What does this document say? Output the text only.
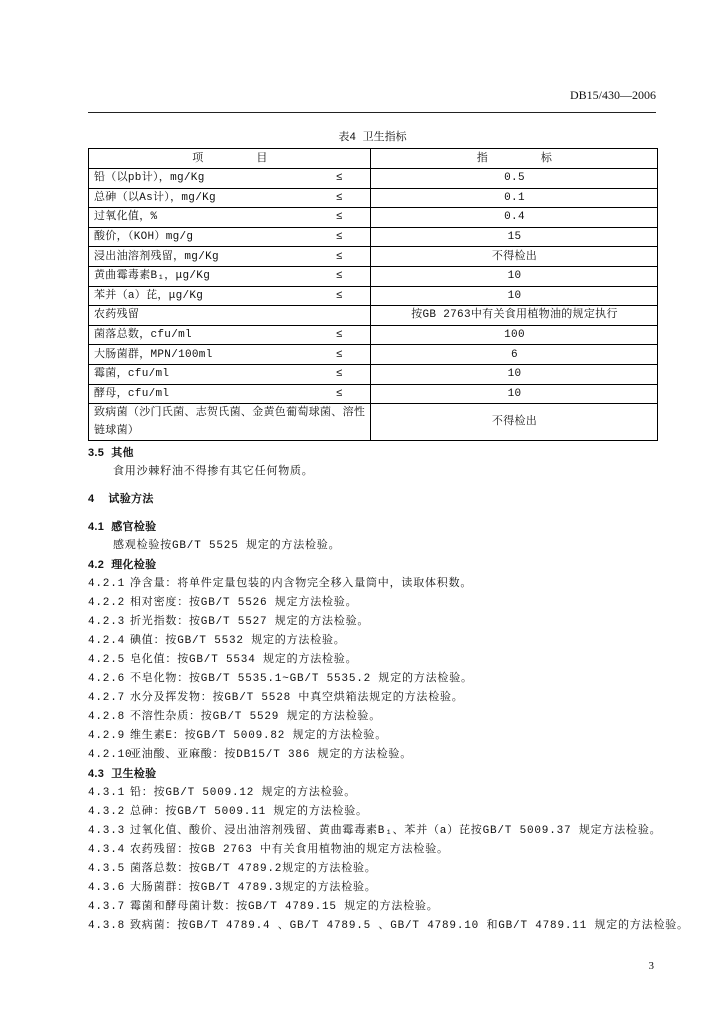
DB15/430—2006
表4 卫生指标
项 目	指 标

铅（以pb计），mg/Kg ≤	0.5

总砷（以As计），mg/Kg ≤	0.1

过氧化值，% ≤	0.4

酸价，（KOH）mg/g ≤	15

浸出油溶剂残留，mg/Kg ≤	不得检出

黄曲霉毒素B₁，μg/Kg ≤	10

苯并（a）芘，μg/Kg ≤	10

农药残留	按GB 2763中有关食用植物油的规定执行

菌落总数，cfu/ml ≤	100

大肠菌群，MPN/100ml ≤	6

霉菌，cfu/ml ≤	10

酵母，cfu/ml ≤	10

致病菌（沙门氏菌、志贺氏菌、金黄色葡萄球菌、溶性链球菌）	不得检出
3.5 其他
食用沙棘籽油不得掺有其它任何物质。
4 试验方法
4.1 感官检验
感观检验按GB/T 5525 规定的方法检验。
4.2 理化检验
4.2.1 净含量：将单件定量包装的内含物完全移入量筒中，读取体积数。
4.2.2 相对密度：按GB/T 5526 规定方法检验。
4.2.3 折光指数：按GB/T 5527 规定的方法检验。
4.2.4 碘值：按GB/T 5532 规定的方法检验。
4.2.5 皂化值：按GB/T 5534 规定的方法检验。
4.2.6 不皂化物：按GB/T 5535.1~GB/T 5535.2 规定的方法检验。
4.2.7 水分及挥发物：按GB/T 5528 中真空烘箱法规定的方法检验。
4.2.8 不溶性杂质：按GB/T 5529 规定的方法检验。
4.2.9 维生素E：按GB/T 5009.82 规定的方法检验。
4.2.10亚油酸、亚麻酸：按DB15/T 386 规定的方法检验。
4.3 卫生检验
4.3.1 铅：按GB/T 5009.12 规定的方法检验。
4.3.2 总砷：按GB/T 5009.11 规定的方法检验。
4.3.3 过氧化值、酸价、浸出油溶剂残留、黄曲霉毒素B₁、苯并（a）芘按GB/T 5009.37 规定方法检验。
4.3.4 农药残留：按GB 2763 中有关食用植物油的规定方法检验。
4.3.5 菌落总数：按GB/T 4789.2规定的方法检验。
4.3.6 大肠菌群：按GB/T 4789.3规定的方法检验。
4.3.7 霉菌和酵母菌计数：按GB/T 4789.15 规定的方法检验。
4.3.8 致病菌：按GB/T 4789.4 、GB/T 4789.5 、GB/T 4789.10 和GB/T 4789.11 规定的方法检验。
3
